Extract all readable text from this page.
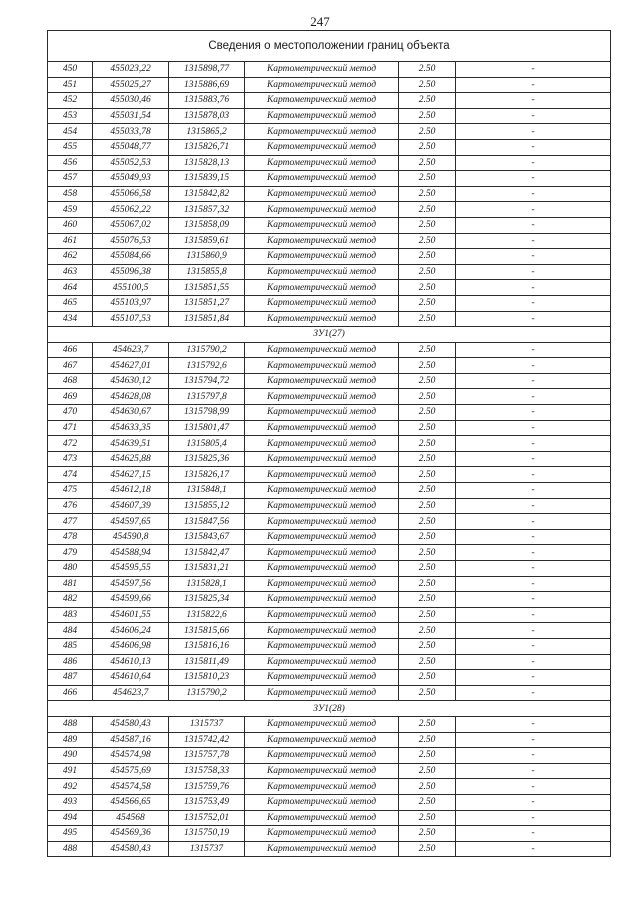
247
Сведения о местоположении границ объекта					
450	455023,22	1315898,77	Картометрический метод	2.50	-
451	455025,27	1315886,69	Картометрический метод	2.50	-
452	455030,46	1315883,76	Картометрический метод	2.50	-
453	455031,54	1315878,03	Картометрический метод	2.50	-
454	455033,78	1315865,2	Картометрический метод	2.50	-
455	455048,77	1315826,71	Картометрический метод	2.50	-
456	455052,53	1315828,13	Картометрический метод	2.50	-
457	455049,93	1315839,15	Картометрический метод	2.50	-
458	455066,58	1315842,82	Картометрический метод	2.50	-
459	455062,22	1315857,32	Картометрический метод	2.50	-
460	455067,02	1315858,09	Картометрический метод	2.50	-
461	455076,53	1315859,61	Картометрический метод	2.50	-
462	455084,66	1315860,9	Картометрический метод	2.50	-
463	455096,38	1315855,8	Картометрический метод	2.50	-
464	455100,5	1315851,55	Картометрический метод	2.50	-
465	455103,97	1315851,27	Картометрический метод	2.50	-
434	455107,53	1315851,84	Картометрический метод	2.50	-
ЗУ1(27)					
466	454623,7	1315790,2	Картометрический метод	2.50	-
467	454627,01	1315792,6	Картометрический метод	2.50	-
468	454630,12	1315794,72	Картометрический метод	2.50	-
469	454628,08	1315797,8	Картометрический метод	2.50	-
470	454630,67	1315798,99	Картометрический метод	2.50	-
471	454633,35	1315801,47	Картометрический метод	2.50	-
472	454639,51	1315805,4	Картометрический метод	2.50	-
473	454625,88	1315825,36	Картометрический метод	2.50	-
474	454627,15	1315826,17	Картометрический метод	2.50	-
475	454612,18	1315848,1	Картометрический метод	2.50	-
476	454607,39	1315855,12	Картометрический метод	2.50	-
477	454597,65	1315847,56	Картометрический метод	2.50	-
478	454590,8	1315843,67	Картометрический метод	2.50	-
479	454588,94	1315842,47	Картометрический метод	2.50	-
480	454595,55	1315831,21	Картометрический метод	2.50	-
481	454597,56	1315828,1	Картометрический метод	2.50	-
482	454599,66	1315825,34	Картометрический метод	2.50	-
483	454601,55	1315822,6	Картометрический метод	2.50	-
484	454606,24	1315815,66	Картометрический метод	2.50	-
485	454606,98	1315816,16	Картометрический метод	2.50	-
486	454610,13	1315811,49	Картометрический метод	2.50	-
487	454610,64	1315810,23	Картометрический метод	2.50	-
466	454623,7	1315790,2	Картометрический метод	2.50	-
ЗУ1(28)					
488	454580,43	1315737	Картометрический метод	2.50	-
489	454587,16	1315742,42	Картометрический метод	2.50	-
490	454574,98	1315757,78	Картометрический метод	2.50	-
491	454575,69	1315758,33	Картометрический метод	2.50	-
492	454574,58	1315759,76	Картометрический метод	2.50	-
493	454566,65	1315753,49	Картометрический метод	2.50	-
494	454568	1315752,01	Картометрический метод	2.50	-
495	454569,36	1315750,19	Картометрический метод	2.50	-
488	454580,43	1315737	Картометрический метод	2.50	-
